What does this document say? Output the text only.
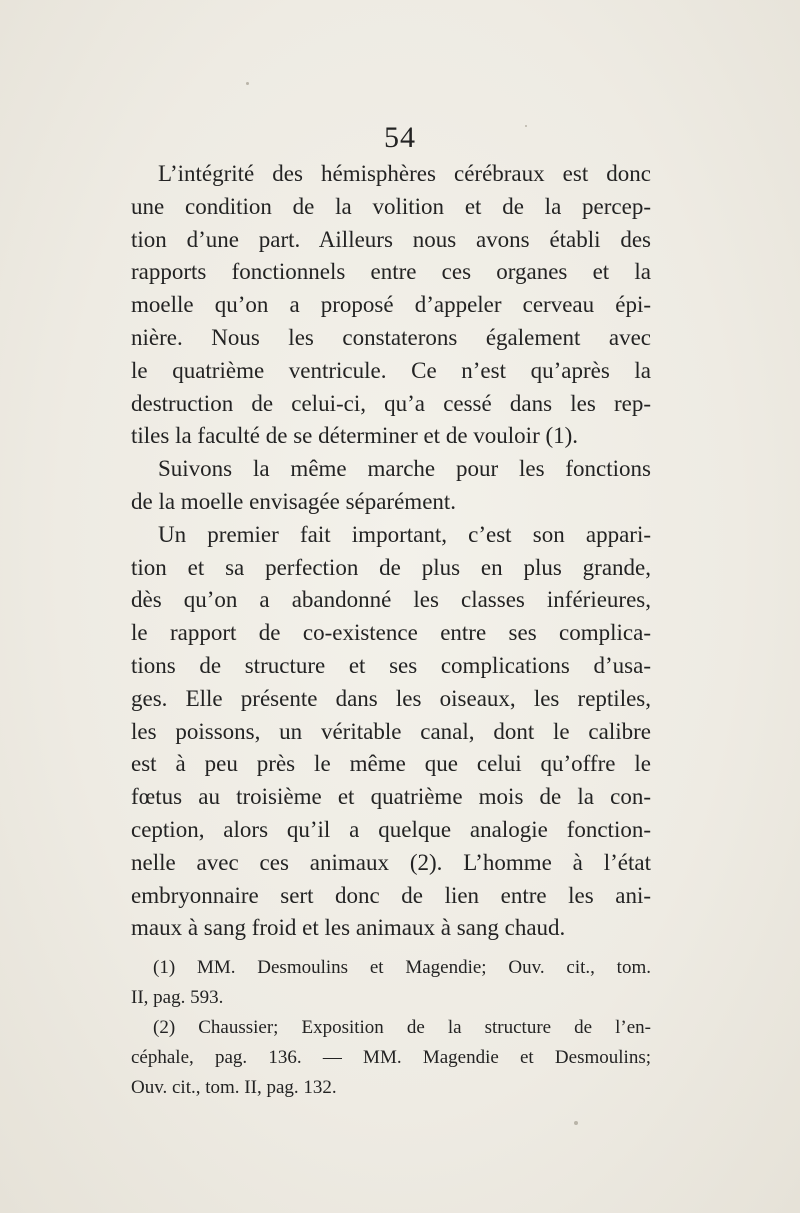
54
L’intégrité des hémisphères cérébraux est donc
une condition de la volition et de la percep-
tion d’une part. Ailleurs nous avons établi des
rapports fonctionnels entre ces organes et la
moelle qu’on a proposé d’appeler cerveau épi-
nière. Nous les constaterons également avec
le quatrième ventricule. Ce n’est qu’après la
destruction de celui-ci, qu’a cessé dans les rep-
tiles la faculté de se déterminer et de vouloir (1).
Suivons la même marche pour les fonctions
de la moelle envisagée séparément.
Un premier fait important, c’est son appari-
tion et sa perfection de plus en plus grande,
dès qu’on a abandonné les classes inférieures,
le rapport de co-existence entre ses complica-
tions de structure et ses complications d’usa-
ges. Elle présente dans les oiseaux, les reptiles,
les poissons, un véritable canal, dont le calibre
est à peu près le même que celui qu’offre le
fœtus au troisième et quatrième mois de la con-
ception, alors qu’il a quelque analogie fonction-
nelle avec ces animaux (2). L’homme à l’état
embryonnaire sert donc de lien entre les ani-
maux à sang froid et les animaux à sang chaud.
(1) MM. Desmoulins et Magendie; Ouv. cit., tom.
II, pag. 593.
(2) Chaussier; Exposition de la structure de l’en-
céphale, pag. 136. — MM. Magendie et Desmoulins;
Ouv. cit., tom. II, pag. 132.
